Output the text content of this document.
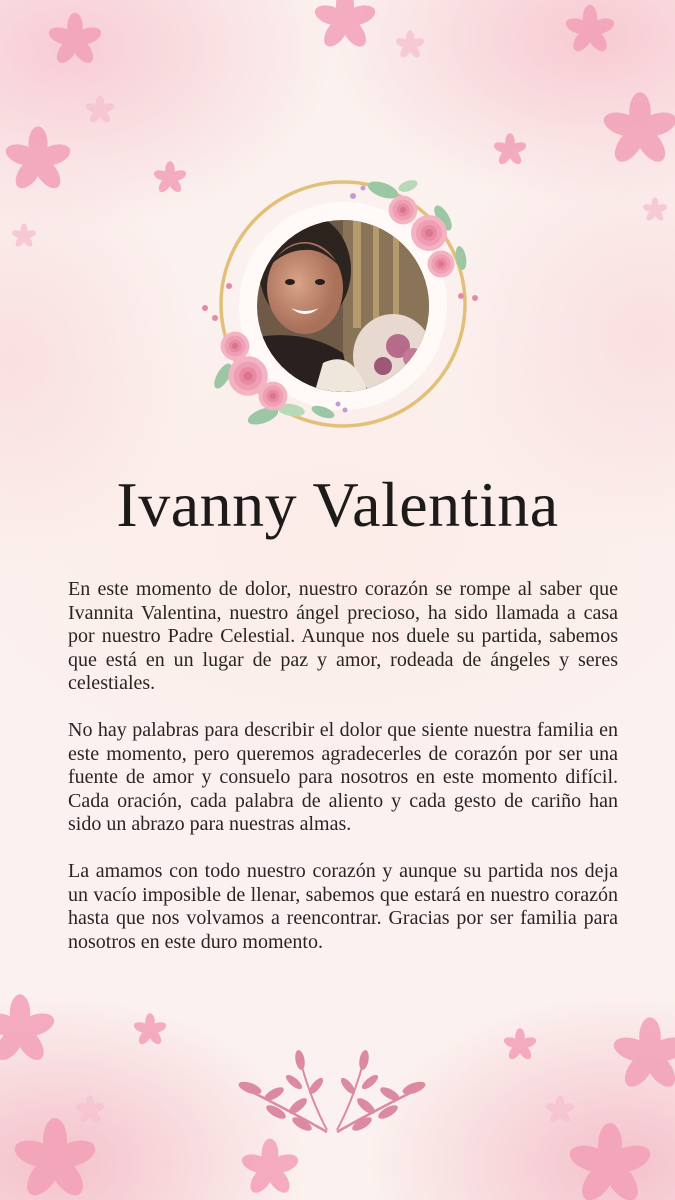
Ivanny Valentina

En este momento de dolor, nuestro corazón se rompe al saber que Ivannita Valentina, nuestro ángel precioso, ha sido llamada a casa por nuestro Padre Celestial. Aunque nos duele su partida, sabemos que está en un lugar de paz y amor, rodeada de ángeles y seres celestiales.

No hay palabras para describir el dolor que siente nuestra familia en este momento, pero queremos agradecerles de corazón por ser una fuente de amor y consuelo para nosotros en este momento difícil. Cada oración, cada palabra de aliento y cada gesto de cariño han sido un abrazo para nuestras almas.

La amamos con todo nuestro corazón y aunque su partida nos deja un vacío imposible de llenar, sabemos que estará en nuestro corazón hasta que nos volvamos a reencontrar. Gracias por ser familia para nosotros en este duro momento.
